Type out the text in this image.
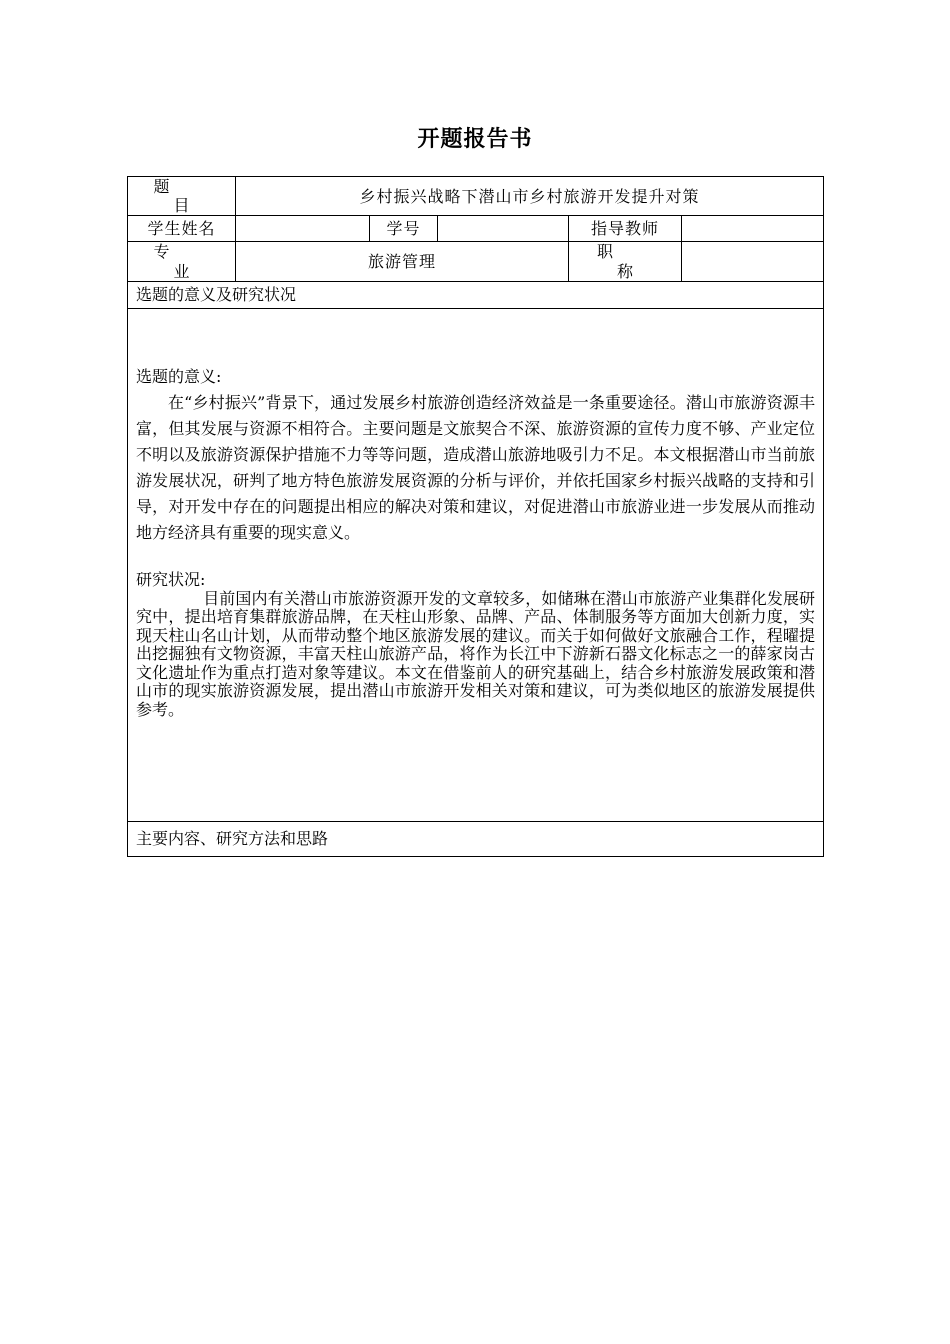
开题报告书
题目	乡村振兴战略下潜山市乡村旅游开发提升对策				
学生姓名		学号		指导教师	
专业	旅游管理			职称	
选题的意义及研究状况					

选题的意义:

在“乡村振兴”背景下，通过发展乡村旅游创造经济效益是一条重要途径。潜山市旅游资源丰富，但其发展与资源不相符合。主要问题是文旅契合不深、旅游资源的宣传力度不够、产业定位不明以及旅游资源保护措施不力等等问题，造成潜山旅游地吸引力不足。本文根据潜山市当前旅游发展状况，研判了地方特色旅游发展资源的分析与评价，并依托国家乡村振兴战略的支持和引导，对开发中存在的问题提出相应的解决对策和建议，对促进潜山市旅游业进一步发展从而推动地方经济具有重要的现实意义。

研究状况:

目前国内有关潜山市旅游资源开发的文章较多，如储琳在潜山市旅游产业集群化发展研究中，提出培育集群旅游品牌，在天柱山形象、品牌、产品、体制服务等方面加大创新力度，实现天柱山名山计划，从而带动整个地区旅游发展的建议。而关于如何做好文旅融合工作，程曜提出挖掘独有文物资源，丰富天柱山旅游产品，将作为长江中下游新石器文化标志之一的薛家岗古文化遗址作为重点打造对象等建议。本文在借鉴前人的研究基础上，结合乡村旅游发展政策和潜山市的现实旅游资源发展，提出潜山市旅游开发相关对策和建议，可为类似地区的旅游发展提供参考。					

主要内容、研究方法和思路					
